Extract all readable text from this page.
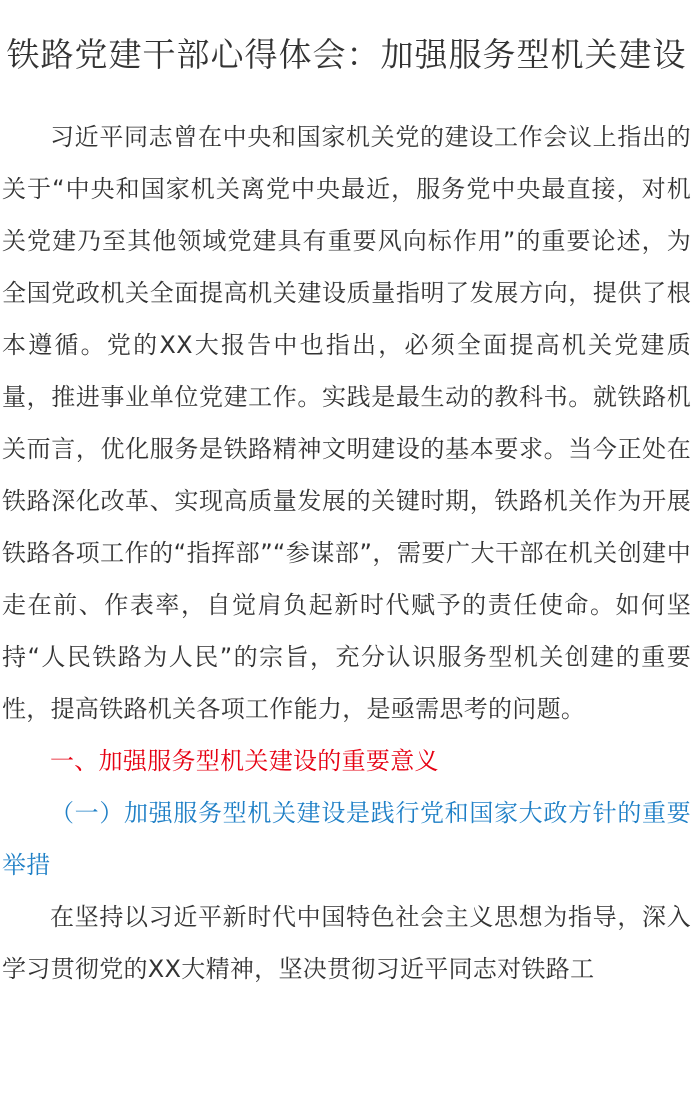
铁路党建干部心得体会：加强服务型机关建设

习近平同志曾在中央和国家机关党的建设工作会议上指出的关于“中央和国家机关离党中央最近，服务党中央最直接，对机关党建乃至其他领域党建具有重要风向标作用”的重要论述，为全国党政机关全面提高机关建设质量指明了发展方向，提供了根本遵循。党的XX大报告中也指出，必须全面提高机关党建质量，推进事业单位党建工作。实践是最生动的教科书。就铁路机关而言，优化服务是铁路精神文明建设的基本要求。当今正处在铁路深化改革、实现高质量发展的关键时期，铁路机关作为开展铁路各项工作的“指挥部”“参谋部”，需要广大干部在机关创建中走在前、作表率，自觉肩负起新时代赋予的责任使命。如何坚持“人民铁路为人民”的宗旨，充分认识服务型机关创建的重要性，提高铁路机关各项工作能力，是亟需思考的问题。

一、加强服务型机关建设的重要意义

（一）加强服务型机关建设是践行党和国家大政方针的重要举措

在坚持以习近平新时代中国特色社会主义思想为指导，深入学习贯彻党的XX大精神，坚决贯彻习近平同志对铁路工
